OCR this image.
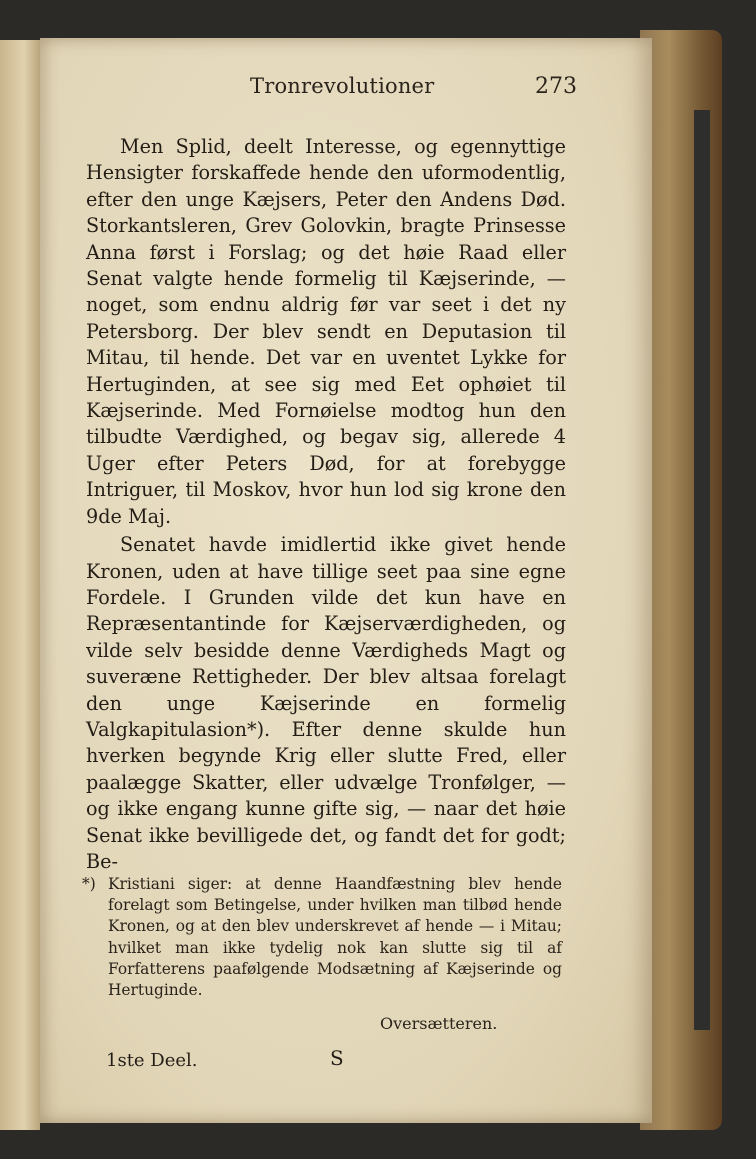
Tronrevolutioner	273

Men Splid, deelt Interesse, og egennyttige Hensigter forskaffede hende den uformodentlig, efter den unge Kæjsers, Peter den Andens Død. Storkantsleren, Grev Golovkin, bragte Prinsesse Anna først i Forslag; og det høie Raad eller Senat valgte hende formelig til Kæjserinde, — noget, som endnu aldrig før var seet i det ny Petersborg. Der blev sendt en Deputasion til Mitau, til hende. Det var en uventet Lykke for Hertuginden, at see sig med Eet ophøiet til Kæjserinde. Med Fornøielse modtog hun den tilbudte Værdighed, og begav sig, allerede 4 Uger efter Peters Død, for at forebygge Intriguer, til Moskov, hvor hun lod sig krone den 9de Maj.

Senatet havde imidlertid ikke givet hende Kronen, uden at have tillige seet paa sine egne Fordele. I Grunden vilde det kun have en Repræsentantinde for Kæjserværdigheden, og vilde selv besidde denne Værdigheds Magt og suveræne Rettigheder. Der blev altsaa forelagt den unge Kæjserinde en formelig Valgkapitulasion*). Efter denne skulde hun hverken begynde Krig eller slutte Fred, eller paalægge Skatter, eller udvælge Tronfølger, — og ikke engang kunne gifte sig, — naar det høie Senat ikke bevilligede det, og fandt det for godt; Be-

*) Kristiani siger: at denne Haandfæstning blev hende forelagt som Betingelse, under hvilken man tilbød hende Kronen, og at den blev underskrevet af hende — i Mitau; hvilket man ikke tydelig nok kan slutte sig til af Forfatterens paafølgende Modsætning af Kæjserinde og Hertuginde.
Oversætteren.
1ste Deel.	S
